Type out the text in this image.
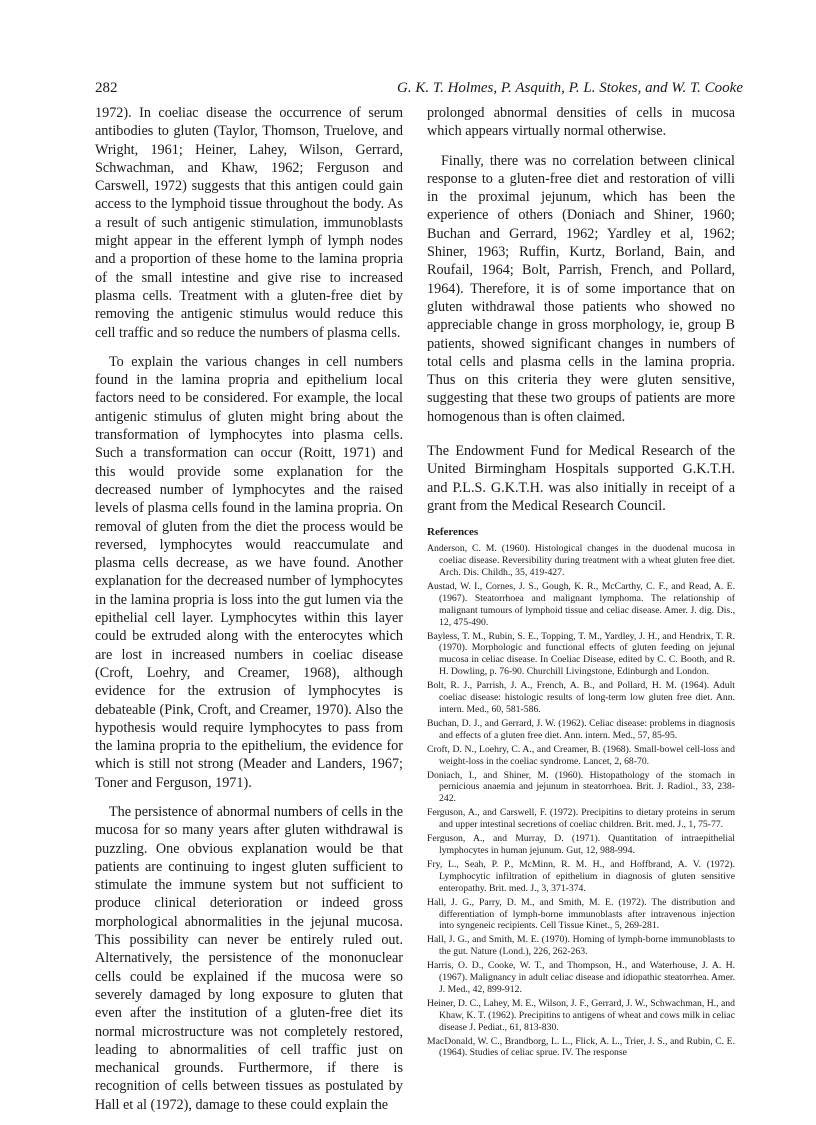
282	G. K. T. Holmes, P. Asquith, P. L. Stokes, and W. T. Cooke

1972). In coeliac disease the occurrence of serum antibodies to gluten (Taylor, Thomson, Truelove, and Wright, 1961; Heiner, Lahey, Wilson, Gerrard, Schwachman, and Khaw, 1962; Ferguson and Carswell, 1972) suggests that this antigen could gain access to the lymphoid tissue throughout the body. As a result of such antigenic stimulation, immunoblasts might appear in the efferent lymph of lymph nodes and a proportion of these home to the lamina propria of the small intestine and give rise to increased plasma cells. Treatment with a gluten-free diet by removing the antigenic stimulus would reduce this cell traffic and so reduce the numbers of plasma cells.

To explain the various changes in cell numbers found in the lamina propria and epithelium local factors need to be considered. For example, the local antigenic stimulus of gluten might bring about the transformation of lymphocytes into plasma cells. Such a transformation can occur (Roitt, 1971) and this would provide some explanation for the decreased number of lymphocytes and the raised levels of plasma cells found in the lamina propria. On removal of gluten from the diet the process would be reversed, lymphocytes would reaccumulate and plasma cells decrease, as we have found. Another explanation for the decreased number of lymphocytes in the lamina propria is loss into the gut lumen via the epithelial cell layer. Lymphocytes within this layer could be extruded along with the enterocytes which are lost in increased numbers in coeliac disease (Croft, Loehry, and Creamer, 1968), although evidence for the extrusion of lymphocytes is debateable (Pink, Croft, and Creamer, 1970). Also the hypothesis would require lymphocytes to pass from the lamina propria to the epithelium, the evidence for which is still not strong (Meader and Landers, 1967; Toner and Ferguson, 1971).

The persistence of abnormal numbers of cells in the mucosa for so many years after gluten withdrawal is puzzling. One obvious explanation would be that patients are continuing to ingest gluten sufficient to stimulate the immune system but not sufficient to produce clinical deterioration or indeed gross morphological abnormalities in the jejunal mucosa. This possibility can never be entirely ruled out. Alternatively, the persistence of the mononuclear cells could be explained if the mucosa were so severely damaged by long exposure to gluten that even after the institution of a gluten-free diet its normal microstructure was not completely restored, leading to abnormalities of cell traffic just on mechanical grounds. Furthermore, if there is recognition of cells between tissues as postulated by Hall et al (1972), damage to these could explain the

prolonged abnormal densities of cells in mucosa which appears virtually normal otherwise.

Finally, there was no correlation between clinical response to a gluten-free diet and restoration of villi in the proximal jejunum, which has been the experience of others (Doniach and Shiner, 1960; Buchan and Gerrard, 1962; Yardley et al, 1962; Shiner, 1963; Ruffin, Kurtz, Borland, Bain, and Roufail, 1964; Bolt, Parrish, French, and Pollard, 1964). Therefore, it is of some importance that on gluten withdrawal those patients who showed no appreciable change in gross morphology, ie, group B patients, showed significant changes in numbers of total cells and plasma cells in the lamina propria. Thus on this criteria they were gluten sensitive, suggesting that these two groups of patients are more homogenous than is often claimed.

The Endowment Fund for Medical Research of the United Birmingham Hospitals supported G.K.T.H. and P.L.S. G.K.T.H. was also initially in receipt of a grant from the Medical Research Council.

References

Anderson, C. M. (1960). Histological changes in the duodenal mucosa in coeliac disease. Reversibility during treatment with a wheat gluten free diet. Arch. Dis. Childh., 35, 419-427.

Austad, W. I., Cornes, J. S., Gough, K. R., McCarthy, C. F., and Read, A. E. (1967). Steatorrhoea and malignant lymphoma. The relationship of malignant tumours of lymphoid tissue and celiac disease. Amer. J. dig. Dis., 12, 475-490.

Bayless, T. M., Rubin, S. E., Topping, T. M., Yardley, J. H., and Hendrix, T. R. (1970). Morphologic and functional effects of gluten feeding on jejunal mucosa in celiac disease. In Coeliac Disease, edited by C. C. Booth, and R. H. Dowling, p. 76-90. Churchill Livingstone, Edinburgh and London.

Bolt, R. J., Parrish, J. A., French, A. B., and Pollard, H. M. (1964). Adult coeliac disease: histologic results of long-term low gluten free diet. Ann. intern. Med., 60, 581-586.

Buchan, D. J., and Gerrard, J. W. (1962). Celiac disease: problems in diagnosis and effects of a gluten free diet. Ann. intern. Med., 57, 85-95.

Croft, D. N., Loehry, C. A., and Creamer, B. (1968). Small-bowel cell-loss and weight-loss in the coeliac syndrome. Lancet, 2, 68-70.

Doniach, I., and Shiner, M. (1960). Histopathology of the stomach in pernicious anaemia and jejunum in steatorrhoea. Brit. J. Radiol., 33, 238-242.

Ferguson, A., and Carswell, F. (1972). Precipitins to dietary proteins in serum and upper intestinal secretions of coeliac children. Brit. med. J., 1, 75-77.

Ferguson, A., and Murray, D. (1971). Quantitation of intraepithelial lymphocytes in human jejunum. Gut, 12, 988-994.

Fry, L., Seah, P. P., McMinn, R. M. H., and Hoffbrand, A. V. (1972). Lymphocytic infiltration of epithelium in diagnosis of gluten sensitive enteropathy. Brit. med. J., 3, 371-374.

Hall, J. G., Parry, D. M., and Smith, M. E. (1972). The distribution and differentiation of lymph-borne immunoblasts after intravenous injection into syngeneic recipients. Cell Tissue Kinet., 5, 269-281.

Hall, J. G., and Smith, M. E. (1970). Homing of lymph-borne immunoblasts to the gut. Nature (Lond.), 226, 262-263.

Harris, O. D., Cooke, W. T., and Thompson, H., and Waterhouse, J. A. H. (1967). Malignancy in adult celiac disease and idiopathic steatorrhea. Amer. J. Med., 42, 899-912.

Heiner, D. C., Lahey, M. E., Wilson, J. F., Gerrard, J. W., Schwachman, H., and Khaw, K. T. (1962). Precipitins to antigens of wheat and cows milk in celiac disease J. Pediat., 61, 813-830.

MacDonald, W. C., Brandborg, L. L., Flick, A. L., Trier, J. S., and Rubin, C. E. (1964). Studies of celiac sprue. IV. The response
